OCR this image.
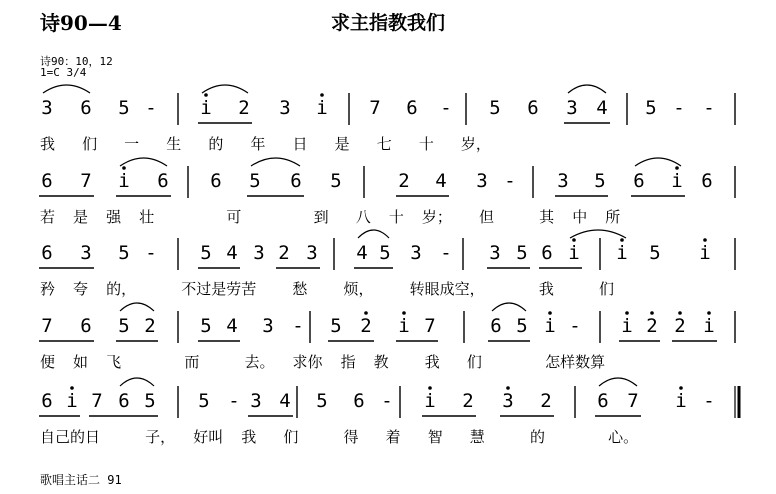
诗90—4	求主指教我们
诗90：10，12
1=C 3/4
3 6 5 - i 2 3 i 7 6 - 5 6 3 4 5 - -
我   们   一   生   的   年   日   是   七   十   岁，
6 7 i 6 6 5 6 5	2 4 3 - 3 5 6 i 6
若  是  强  壮        可        到   八  十  岁；   但     其  中  所
6 3 5 - 5 4 3 2 3 4 5 3 - 3 5 6 i i 5 i
矜  夸  的，     不过是劳苦    愁    烦，    转眼成空，      我     们
7 6 5 2 5 4 3 - 5 2 i 7	6 5 i - i 2 2 i
便  如  飞       而     去。  求你  指  教    我   们       怎样数算
6 i 7 6 5 5 - 3 4 5 6 - i 2 3 2 6 7 i -
自己的日     子，  好叫  我   们     得   着   智   慧     的       心。
歌唱主话二 91
